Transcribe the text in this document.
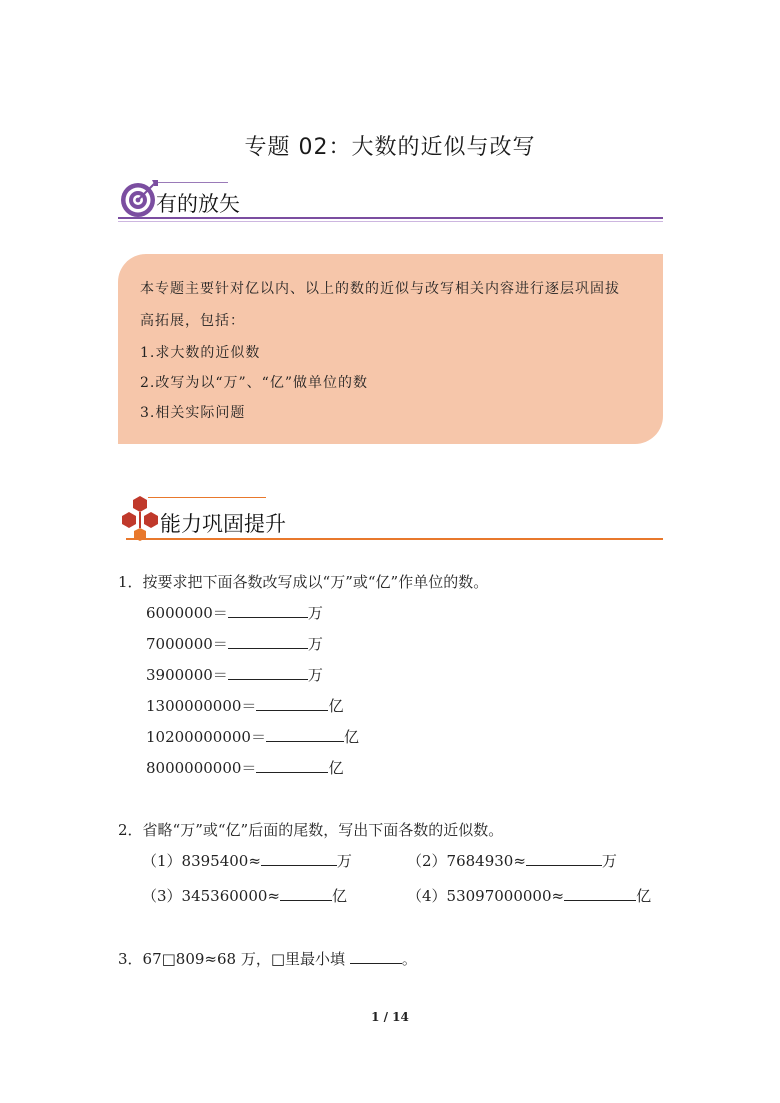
专题 02：大数的近似与改写
有的放矢
本专题主要针对亿以内、以上的数的近似与改写相关内容进行逐层巩固拔
高拓展，包括：
1.求大数的近似数
2.改写为以“万”、“亿”做单位的数
3.相关实际问题
能力巩固提升
1．按要求把下面各数改写成以“万”或“亿”作单位的数。
6000000＝	万
7000000＝	万
3900000＝	万
1300000000＝	亿
10200000000＝	亿
8000000000＝	亿
2．省略“万”或“亿”后面的尾数，写出下面各数的近似数。
（1）8395400≈	万	（2）7684930≈	万
（3）345360000≈	亿	（4）53097000000≈	亿
3．67□809≈68 万，□里最小填	。
1 / 14
